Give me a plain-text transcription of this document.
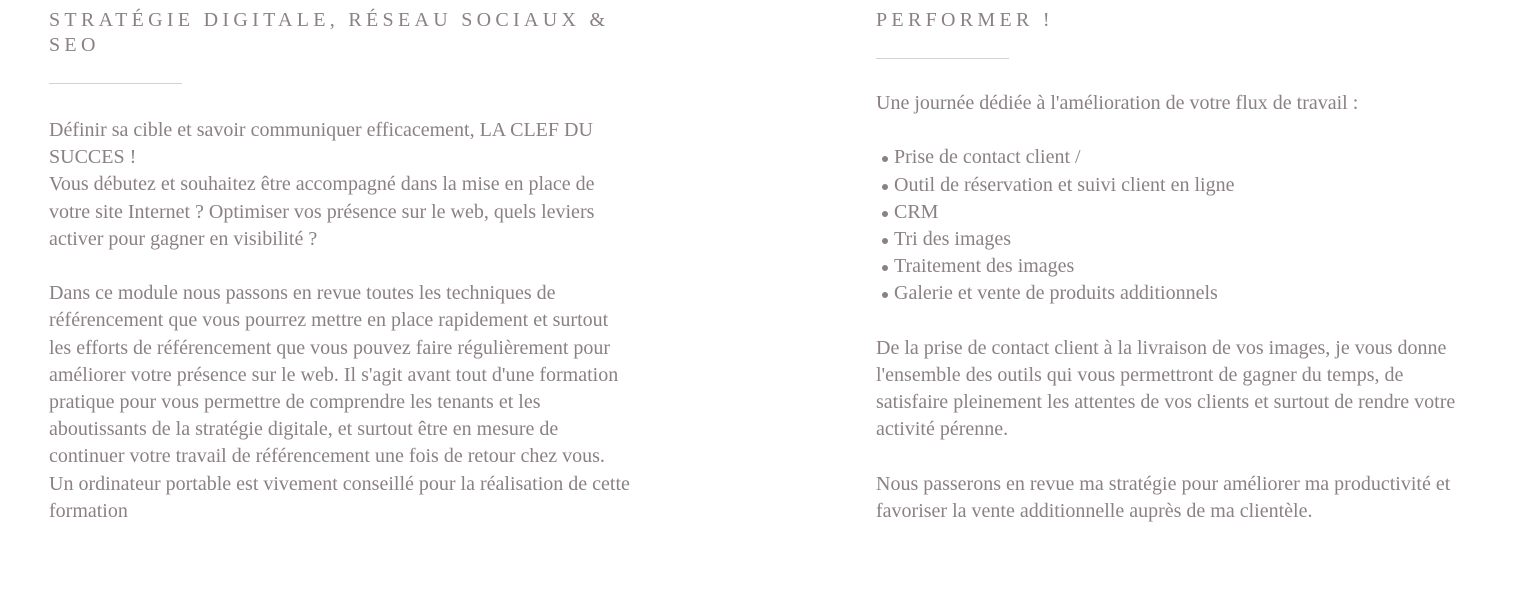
STRATÉGIE DIGITALE, RÉSEAU SOCIAUX & SEO

Définir sa cible et savoir communiquer efficacement, LA CLEF DU SUCCES !

Vous débutez et souhaitez être accompagné dans la mise en place de votre site Internet ? Optimiser vos présence sur le web, quels leviers activer pour gagner en visibilité ?

Dans ce module nous passons en revue toutes les techniques de référencement que vous pourrez mettre en place rapidement et surtout les efforts de référencement que vous pouvez faire régulièrement pour améliorer votre présence sur le web. Il s'agit avant tout d'une formation pratique pour vous permettre de comprendre les tenants et les aboutissants de la stratégie digitale, et surtout être en mesure de continuer votre travail de référencement une fois de retour chez vous.

Un ordinateur portable est vivement conseillé pour la réalisation de cette formation

PERFORMER !

Une journée dédiée à l'amélioration de votre flux de travail :

Prise de contact client /
Outil de réservation et suivi client en ligne
CRM
Tri des images
Traitement des images
Galerie et vente de produits additionnels

De la prise de contact client à la livraison de vos images, je vous donne l'ensemble des outils qui vous permettront de gagner du temps, de satisfaire pleinement les attentes de vos clients et surtout de rendre votre activité pérenne.

Nous passerons en revue ma stratégie pour améliorer ma productivité et favoriser la vente additionnelle auprès de ma clientèle.
